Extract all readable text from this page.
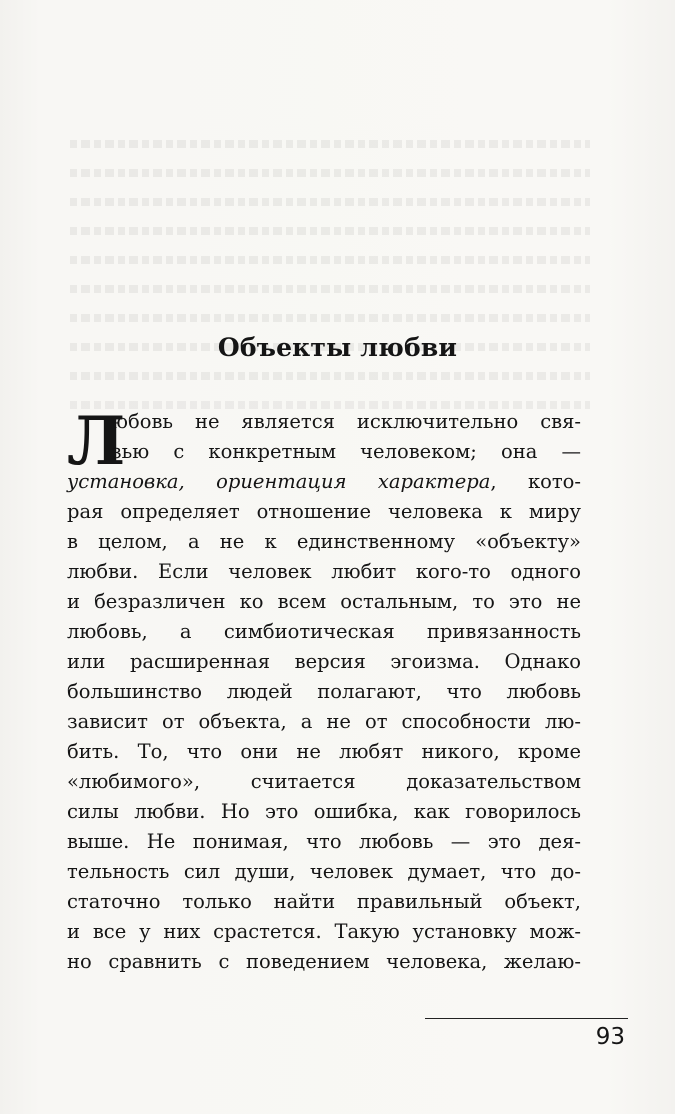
Объекты любви
Л
юбовь не является исключительно свя-
зью с конкретным человеком; она —
установка, ориентация характера, кото-
рая определяет отношение человека к миру
в целом, а не к единственному «объекту»
любви. Если человек любит кого-то одного
и безразличен ко всем остальным, то это не
любовь, а симбиотическая привязанность
или расширенная версия эгоизма. Однако
большинство людей полагают, что любовь
зависит от объекта, а не от способности лю-
бить. То, что они не любят никого, кроме
«любимого», считается доказательством
силы любви. Но это ошибка, как говорилось
выше. Не понимая, что любовь — это дея-
тельность сил души, человек думает, что до-
статочно только найти правильный объект,
и все у них срастется. Такую установку мож-
но сравнить с поведением человека, желаю-

93
